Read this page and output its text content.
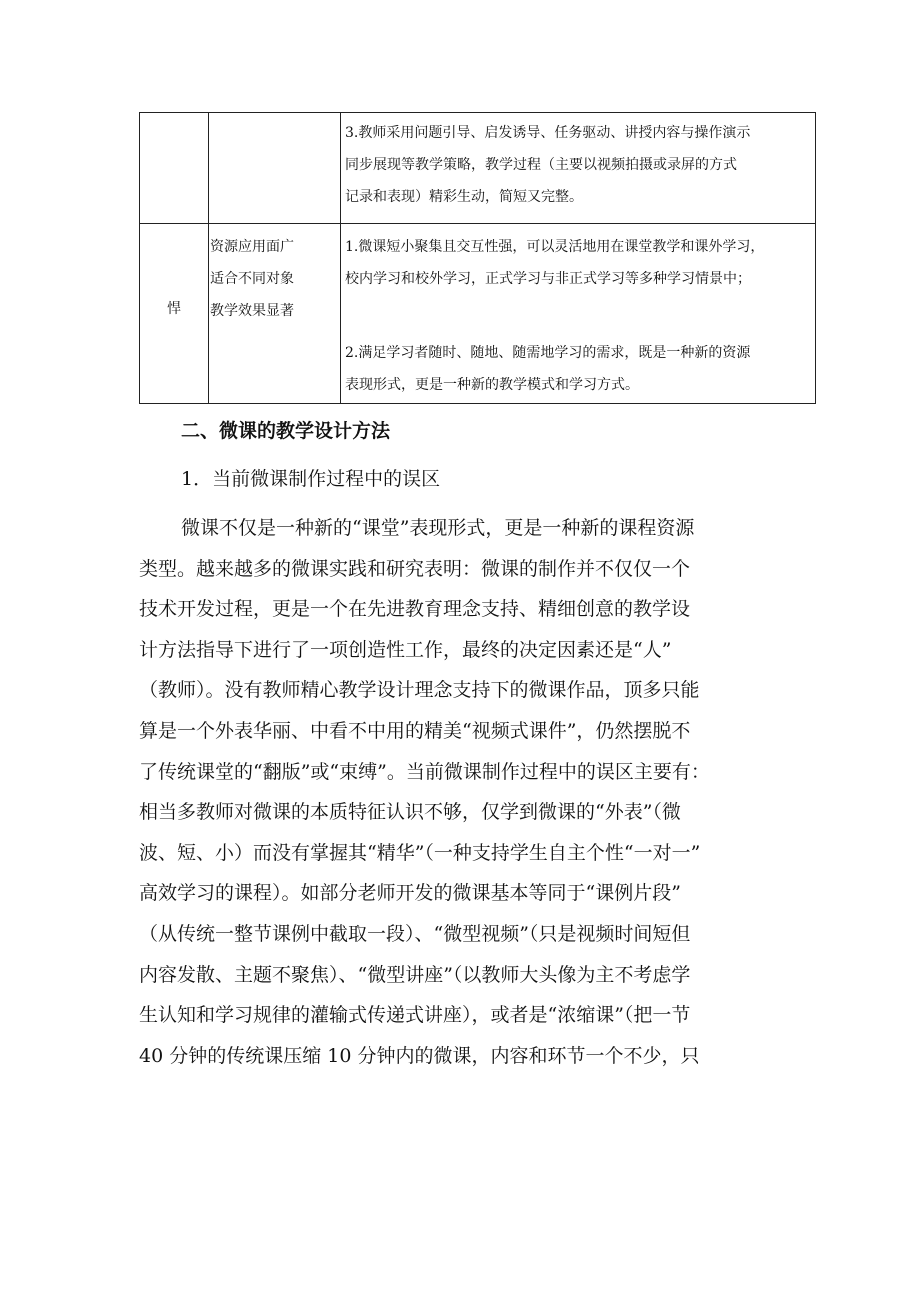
3.教师采用问题引导、启发诱导、任务驱动、讲授内容与操作演示
同步展现等教学策略，教学过程（主要以视频拍摄或录屏的方式
记录和表现）精彩生动，简短又完整。
悍
资源应用面广
适合不同对象
教学效果显著
1.微课短小聚集且交互性强，可以灵活地用在课堂教学和课外学习，
校内学习和校外学习，正式学习与非正式学习等多种学习情景中；
2.满足学习者随时、随地、随需地学习的需求，既是一种新的资源
表现形式，更是一种新的教学模式和学习方式。
二、微课的教学设计方法
1．当前微课制作过程中的误区
微课不仅是一种新的“课堂”表现形式，更是一种新的课程资源
类型。越来越多的微课实践和研究表明：微课的制作并不仅仅一个
技术开发过程，更是一个在先进教育理念支持、精细创意的教学设
计方法指导下进行了一项创造性工作，最终的决定因素还是“人”
（教师）。没有教师精心教学设计理念支持下的微课作品，顶多只能
算是一个外表华丽、中看不中用的精美“视频式课件”，仍然摆脱不
了传统课堂的“翻版”或“束缚”。当前微课制作过程中的误区主要有：
相当多教师对微课的本质特征认识不够，仅学到微课的“外表”（微
波、短、小）而没有掌握其“精华”（一种支持学生自主个性“一对一”
高效学习的课程）。如部分老师开发的微课基本等同于“课例片段”
（从传统一整节课例中截取一段）、“微型视频”（只是视频时间短但
内容发散、主题不聚焦）、“微型讲座”（以教师大头像为主不考虑学
生认知和学习规律的灌输式传递式讲座），或者是“浓缩课”（把一节
40 分钟的传统课压缩 10 分钟内的微课，内容和环节一个不少，只
